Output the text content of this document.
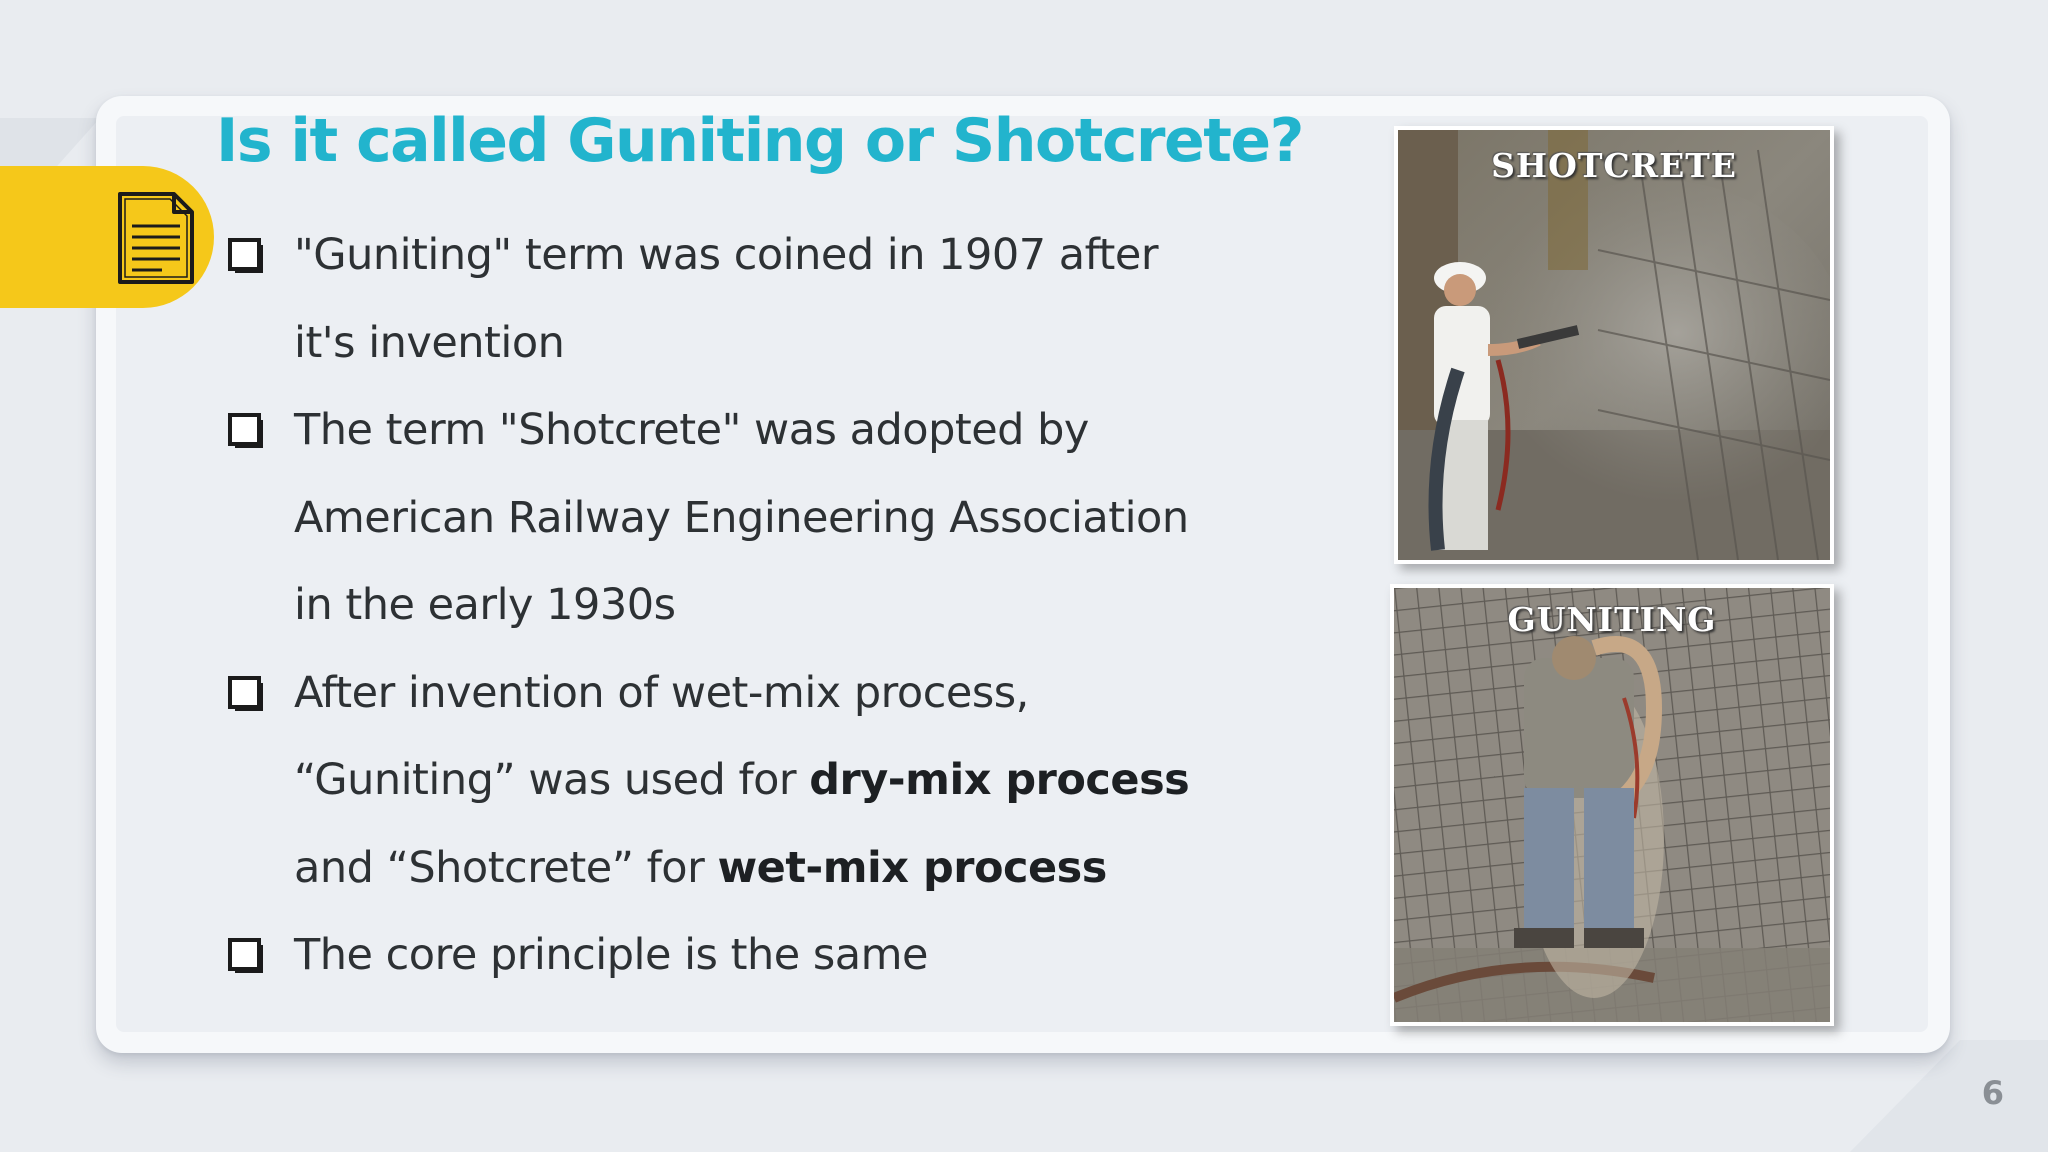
Is it called Guniting or Shotcrete?
"Guniting" term was coined in 1907 after
it's invention
The term "Shotcrete" was adopted by
American Railway Engineering Association
in the early 1930s
After invention of wet-mix process,
“Guniting” was used for dry-mix process
and “Shotcrete” for wet-mix process
The core principle is the same
SHOTCRETE
GUNITING
6
